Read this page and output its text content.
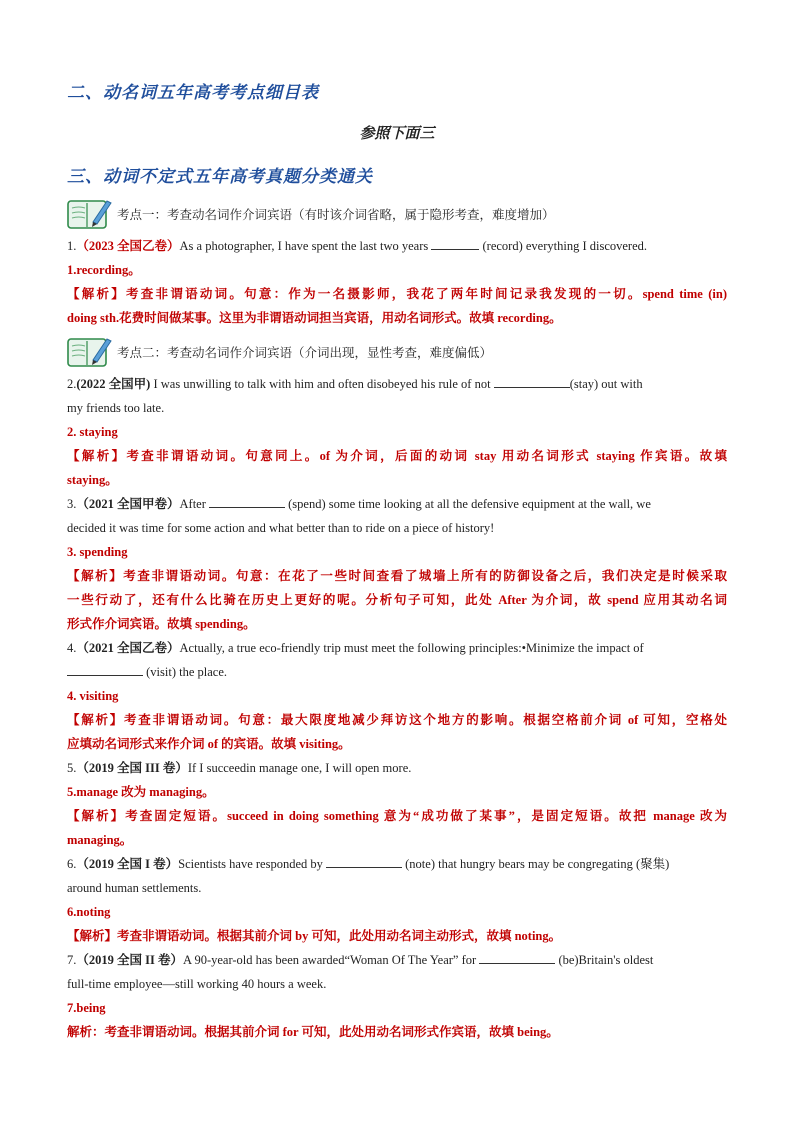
二、动名词五年高考考点细目表
参照下面三
三、动词不定式五年高考真题分类通关
考点一：考查动名词作介词宾语（有时该介词省略，属于隐形考查，难度增加）
1.（2023 全国乙卷）As a photographer, I have spent the last two years	(record) everything I discovered.
1.recording。
【解析】考查非谓语动词。句意：作为一名摄影师，我花了两年时间记录我发现的一切。spend time (in)
doing sth.花费时间做某事。这里为非谓语动词担当宾语，用动名词形式。故填 recording。
考点二：考查动名词作介词宾语（介词出现，显性考查，难度偏低）
2.(2022 全国甲) I was unwilling to talk with him and often disobeyed his rule of not	(stay) out with
my friends too late.
2. staying
【解析】考查非谓语动词。句意同上。of 为介词，后面的动词 stay 用动名词形式 staying 作宾语。故填
staying。
3.（2021 全国甲卷）After	(spend) some time looking at all the defensive equipment at the wall, we
decided it was time for some action and what better than to ride on a piece of history!
3. spending
【解析】考查非谓语动词。句意：在花了一些时间查看了城墙上所有的防御设备之后，我们决定是时候采取
一些行动了，还有什么比骑在历史上更好的呢。分析句子可知，此处 After 为介词，故 spend 应用其动名词
形式作介词宾语。故填 spending。
4.（2021 全国乙卷）Actually, a true eco-friendly trip must meet the following principles:•Minimize the impact of
(visit) the place.
4. visiting
【解析】考查非谓语动词。句意：最大限度地减少拜访这个地方的影响。根据空格前介词 of 可知，空格处
应填动名词形式来作介词 of 的宾语。故填 visiting。
5.（2019 全国 III 卷）If I succeedin manage one, I will open more.
5.manage 改为 managing。
【解析】考查固定短语。succeed in doing something 意为“成功做了某事”，是固定短语。故把 manage 改为
managing。
6.（2019 全国 I 卷）Scientists have responded by	(note) that hungry bears may be congregating (聚集)
around human settlements.
6.noting
【解析】考查非谓语动词。根据其前介词 by 可知，此处用动名词主动形式，故填 noting。
7.（2019 全国 II 卷）A 90-year-old has been awarded“Woman Of The Year” for	(be)Britain's oldest
full-time employee—still working 40 hours a week.
7.being
解析：考查非谓语动词。根据其前介词 for 可知，此处用动名词形式作宾语，故填 being。
